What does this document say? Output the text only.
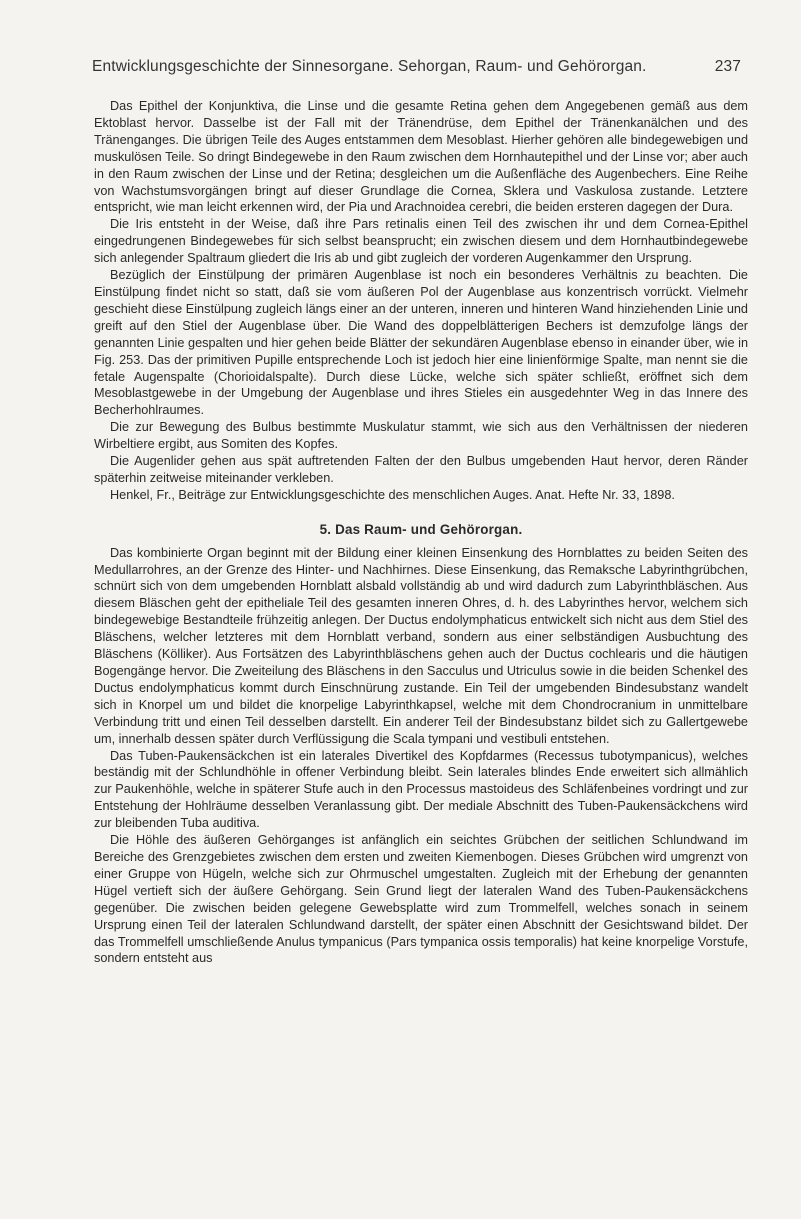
Entwicklungsgeschichte der Sinnesorgane. Sehorgan, Raum- und Gehörorgan.	237

Das Epithel der Konjunktiva, die Linse und die gesamte Retina gehen dem Angegebenen gemäß aus dem Ektoblast hervor. Dasselbe ist der Fall mit der Tränendrüse, dem Epithel der Tränenkanälchen und des Tränenganges. Die übrigen Teile des Auges entstammen dem Mesoblast. Hierher gehören alle bindegewebigen und muskulösen Teile. So dringt Bindegewebe in den Raum zwischen dem Hornhautepithel und der Linse vor; aber auch in den Raum zwischen der Linse und der Retina; desgleichen um die Außenfläche des Augenbechers. Eine Reihe von Wachstumsvorgängen bringt auf dieser Grundlage die Cornea, Sklera und Vaskulosa zustande. Letztere entspricht, wie man leicht erkennen wird, der Pia und Arachnoidea cerebri, die beiden ersteren dagegen der Dura.

Die Iris entsteht in der Weise, daß ihre Pars retinalis einen Teil des zwischen ihr und dem Cornea-Epithel eingedrungenen Bindegewebes für sich selbst beansprucht; ein zwischen diesem und dem Hornhautbindegewebe sich anlegender Spaltraum gliedert die Iris ab und gibt zugleich der vorderen Augenkammer den Ursprung.

Bezüglich der Einstülpung der primären Augenblase ist noch ein besonderes Verhältnis zu beachten. Die Einstülpung findet nicht so statt, daß sie vom äußeren Pol der Augenblase aus konzentrisch vorrückt. Vielmehr geschieht diese Einstülpung zugleich längs einer an der unteren, inneren und hinteren Wand hinziehenden Linie und greift auf den Stiel der Augenblase über. Die Wand des doppelblätterigen Bechers ist demzufolge längs der genannten Linie gespalten und hier gehen beide Blätter der sekundären Augenblase ebenso in einander über, wie in Fig. 253. Das der primitiven Pupille entsprechende Loch ist jedoch hier eine linienförmige Spalte, man nennt sie die fetale Augenspalte (Chorioidalspalte). Durch diese Lücke, welche sich später schließt, eröffnet sich dem Mesoblastgewebe in der Umgebung der Augenblase und ihres Stieles ein ausgedehnter Weg in das Innere des Becherhohlraumes.

Die zur Bewegung des Bulbus bestimmte Muskulatur stammt, wie sich aus den Verhältnissen der niederen Wirbeltiere ergibt, aus Somiten des Kopfes.

Die Augenlider gehen aus spät auftretenden Falten der den Bulbus umgebenden Haut hervor, deren Ränder späterhin zeitweise miteinander verkleben.

Henkel, Fr., Beiträge zur Entwicklungsgeschichte des menschlichen Auges. Anat. Hefte Nr. 33, 1898.

5. Das Raum- und Gehörorgan.

Das kombinierte Organ beginnt mit der Bildung einer kleinen Einsenkung des Hornblattes zu beiden Seiten des Medullarrohres, an der Grenze des Hinter- und Nachhirnes. Diese Einsenkung, das Remaksche Labyrinthgrübchen, schnürt sich von dem umgebenden Hornblatt alsbald vollständig ab und wird dadurch zum Labyrinthbläschen. Aus diesem Bläschen geht der epitheliale Teil des gesamten inneren Ohres, d. h. des Labyrinthes hervor, welchem sich bindegewebige Bestandteile frühzeitig anlegen. Der Ductus endolymphaticus entwickelt sich nicht aus dem Stiel des Bläschens, welcher letzteres mit dem Hornblatt verband, sondern aus einer selbständigen Ausbuchtung des Bläschens (Kölliker). Aus Fortsätzen des Labyrinthbläschens gehen auch der Ductus cochlearis und die häutigen Bogengänge hervor. Die Zweiteilung des Bläschens in den Sacculus und Utriculus sowie in die beiden Schenkel des Ductus endolymphaticus kommt durch Einschnürung zustande. Ein Teil der umgebenden Bindesubstanz wandelt sich in Knorpel um und bildet die knorpelige Labyrinthkapsel, welche mit dem Chondrocranium in unmittelbare Verbindung tritt und einen Teil desselben darstellt. Ein anderer Teil der Bindesubstanz bildet sich zu Gallertgewebe um, innerhalb dessen später durch Verflüssigung die Scala tympani und vestibuli entstehen.

Das Tuben-Paukensäckchen ist ein laterales Divertikel des Kopfdarmes (Recessus tubotympanicus), welches beständig mit der Schlundhöhle in offener Verbindung bleibt. Sein laterales blindes Ende erweitert sich allmählich zur Paukenhöhle, welche in späterer Stufe auch in den Processus mastoideus des Schläfenbeines vordringt und zur Entstehung der Hohlräume desselben Veranlassung gibt. Der mediale Abschnitt des Tuben-Paukensäckchens wird zur bleibenden Tuba auditiva.

Die Höhle des äußeren Gehörganges ist anfänglich ein seichtes Grübchen der seitlichen Schlundwand im Bereiche des Grenzgebietes zwischen dem ersten und zweiten Kiemenbogen. Dieses Grübchen wird umgrenzt von einer Gruppe von Hügeln, welche sich zur Ohrmuschel umgestalten. Zugleich mit der Erhebung der genannten Hügel vertieft sich der äußere Gehörgang. Sein Grund liegt der lateralen Wand des Tuben-Paukensäckchens gegenüber. Die zwischen beiden gelegene Gewebsplatte wird zum Trommelfell, welches sonach in seinem Ursprung einen Teil der lateralen Schlundwand darstellt, der später einen Abschnitt der Gesichtswand bildet. Der das Trommelfell umschließende Anulus tympanicus (Pars tympanica ossis temporalis) hat keine knorpelige Vorstufe, sondern entsteht aus
